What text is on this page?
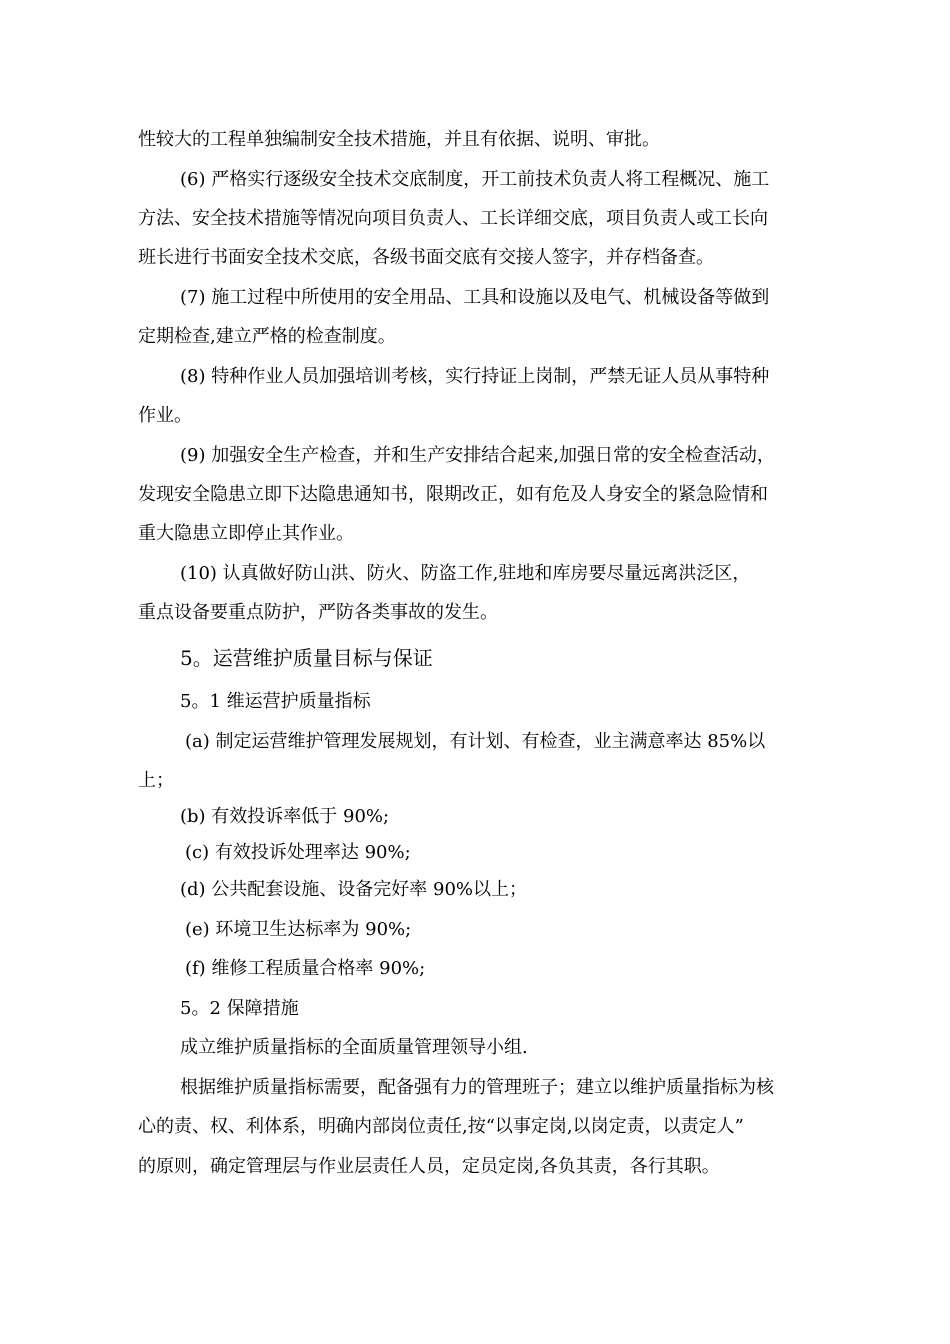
性较大的工程单独编制安全技术措施，并且有依据、说明、审批。

(6) 严格实行逐级安全技术交底制度，开工前技术负责人将工程概况、施工

方法、安全技术措施等情况向项目负责人、工长详细交底，项目负责人或工长向

班长进行书面安全技术交底，各级书面交底有交接人签字，并存档备查。

(7) 施工过程中所使用的安全用品、工具和设施以及电气、机械设备等做到

定期检查,建立严格的检查制度。

(8) 特种作业人员加强培训考核，实行持证上岗制，严禁无证人员从事特种

作业。

(9) 加强安全生产检查，并和生产安排结合起来,加强日常的安全检查活动，

发现安全隐患立即下达隐患通知书，限期改正，如有危及人身安全的紧急险情和

重大隐患立即停止其作业。

(10) 认真做好防山洪、防火、防盗工作,驻地和库房要尽量远离洪泛区，

重点设备要重点防护，严防各类事故的发生。

5。运营维护质量目标与保证

5。1 维运营护质量指标

(a) 制定运营维护管理发展规划，有计划、有检查，业主满意率达 85%以

上；

(b) 有效投诉率低于 90%;

(c) 有效投诉处理率达 90%;

(d) 公共配套设施、设备完好率 90%以上；

(e) 环境卫生达标率为 90%;

(f) 维修工程质量合格率 90%;

5。2 保障措施

成立维护质量指标的全面质量管理领导小组.

根据维护质量指标需要，配备强有力的管理班子；建立以维护质量指标为核

心的责、权、利体系，明确内部岗位责任,按“以事定岗,以岗定责，以责定人”

的原则，确定管理层与作业层责任人员，定员定岗,各负其责，各行其职。
